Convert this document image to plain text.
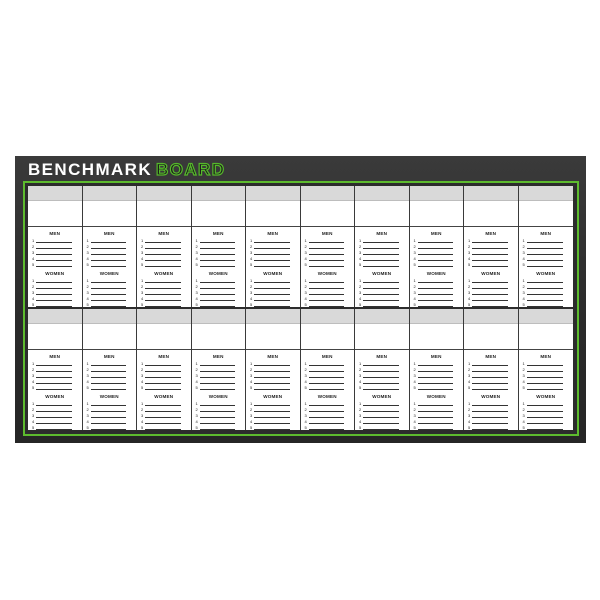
BENCHMARK BOARD
MEN
1
2
3
4
5
WOMEN
1
2
3
4
5
MEN
1
2
3
4
5
WOMEN
1
2
3
4
5
MEN
1
2
3
4
5
WOMEN
1
2
3
4
5
MEN
1
2
3
4
5
WOMEN
1
2
3
4
5
MEN
1
2
3
4
5
WOMEN
1
2
3
4
5
MEN
1
2
3
4
5
WOMEN
1
2
3
4
5
MEN
1
2
3
4
5
WOMEN
1
2
3
4
5
MEN
1
2
3
4
5
WOMEN
1
2
3
4
5
MEN
1
2
3
4
5
WOMEN
1
2
3
4
5
MEN
1
2
3
4
5
WOMEN
1
2
3
4
5
MEN
1
2
3
4
5
WOMEN
1
2
3
4
5
MEN
1
2
3
4
5
WOMEN
1
2
3
4
5
MEN
1
2
3
4
5
WOMEN
1
2
3
4
5
MEN
1
2
3
4
5
WOMEN
1
2
3
4
5
MEN
1
2
3
4
5
WOMEN
1
2
3
4
5
MEN
1
2
3
4
5
WOMEN
1
2
3
4
5
MEN
1
2
3
4
5
WOMEN
1
2
3
4
5
MEN
1
2
3
4
5
WOMEN
1
2
3
4
5
MEN
1
2
3
4
5
WOMEN
1
2
3
4
5
MEN
1
2
3
4
5
WOMEN
1
2
3
4
5
